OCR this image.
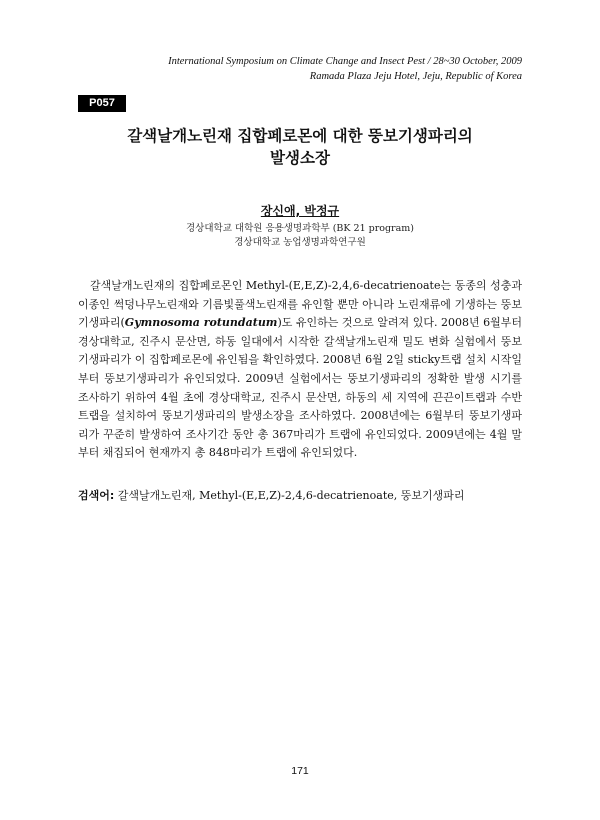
International Symposium on Climate Change and Insect Pest / 28~30 October, 2009
Ramada Plaza Jeju Hotel, Jeju, Republic of Korea
P057
갈색날개노린재 집합페로몬에 대한 뚱보기생파리의
발생소장
장신애, 박정규
경상대학교 대학원 응용생명과학부 (BK 21 program)
경상대학교 농업생명과학연구원
갈색날개노린재의 집합페로몬인 Methyl-(E,E,Z)-2,4,6-decatrienoate는 동종의 성충과 이종인 썩덩나무노린재와 기름빛풀색노린재를 유인할 뿐만 아니라 노린재류에 기생하는 뚱보기생파리(Gymnosoma rotundatum)도 유인하는 것으로 알려져 있다. 2008년 6월부터 경상대학교, 진주시 문산면, 하동 일대에서 시작한 갈색날개노린재 밀도 변화 실험에서 뚱보기생파리가 이 집합페로몬에 유인됨을 확인하였다. 2008년 6월 2일 sticky트랩 설치 시작일 부터 뚱보기생파리가 유인되었다. 2009년 실험에서는 뚱보기생파리의 정확한 발생 시기를 조사하기 위하여 4월 초에 경상대학교, 진주시 문산면, 하동의 세 지역에 끈끈이트랩과 수반트랩을 설치하여 뚱보기생파리의 발생소장을 조사하였다. 2008년에는 6월부터 뚱보기생파리가 꾸준히 발생하여 조사기간 동안 총 367마리가 트랩에 유인되었다. 2009년에는 4월 말부터 채집되어 현재까지 총 848마리가 트랩에 유인되었다.
검색어: 갈색날개노린재, Methyl-(E,E,Z)-2,4,6-decatrienoate, 뚱보기생파리
171
